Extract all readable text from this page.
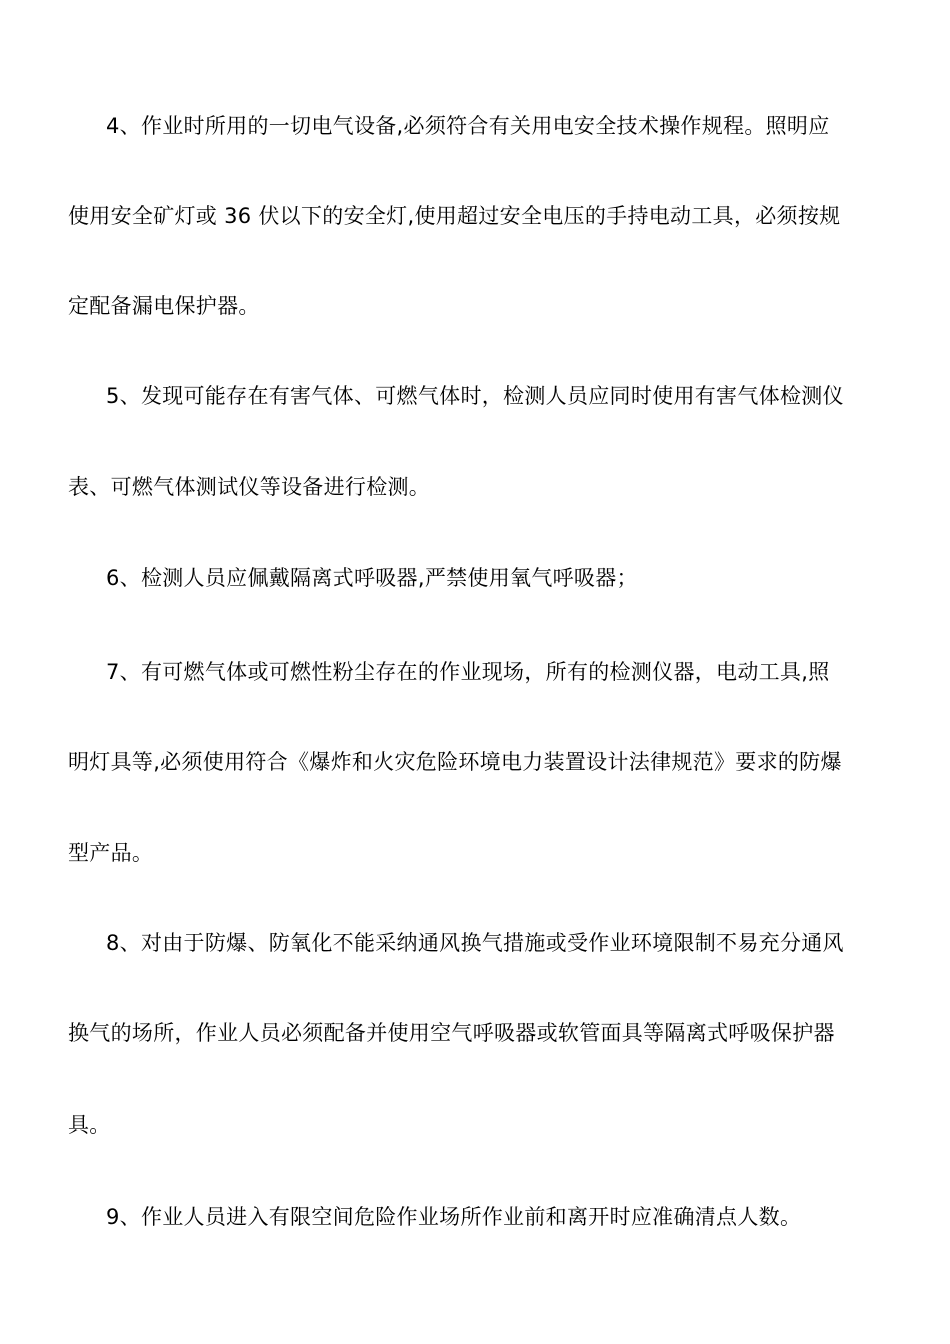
4、作业时所用的一切电气设备,必须符合有关用电安全技术操作规程。照明应
使用安全矿灯或 36 伏以下的安全灯,使用超过安全电压的手持电动工具，必须按规
定配备漏电保护器。
5、发现可能存在有害气体、可燃气体时，检测人员应同时使用有害气体检测仪
表、可燃气体测试仪等设备进行检测。
6、检测人员应佩戴隔离式呼吸器,严禁使用氧气呼吸器；
7、有可燃气体或可燃性粉尘存在的作业现场，所有的检测仪器，电动工具,照
明灯具等,必须使用符合《爆炸和火灾危险环境电力装置设计法律规范》要求的防爆
型产品。
8、对由于防爆、防氧化不能采纳通风换气措施或受作业环境限制不易充分通风
换气的场所，作业人员必须配备并使用空气呼吸器或软管面具等隔离式呼吸保护器
具。
9、作业人员进入有限空间危险作业场所作业前和离开时应准确清点人数。
